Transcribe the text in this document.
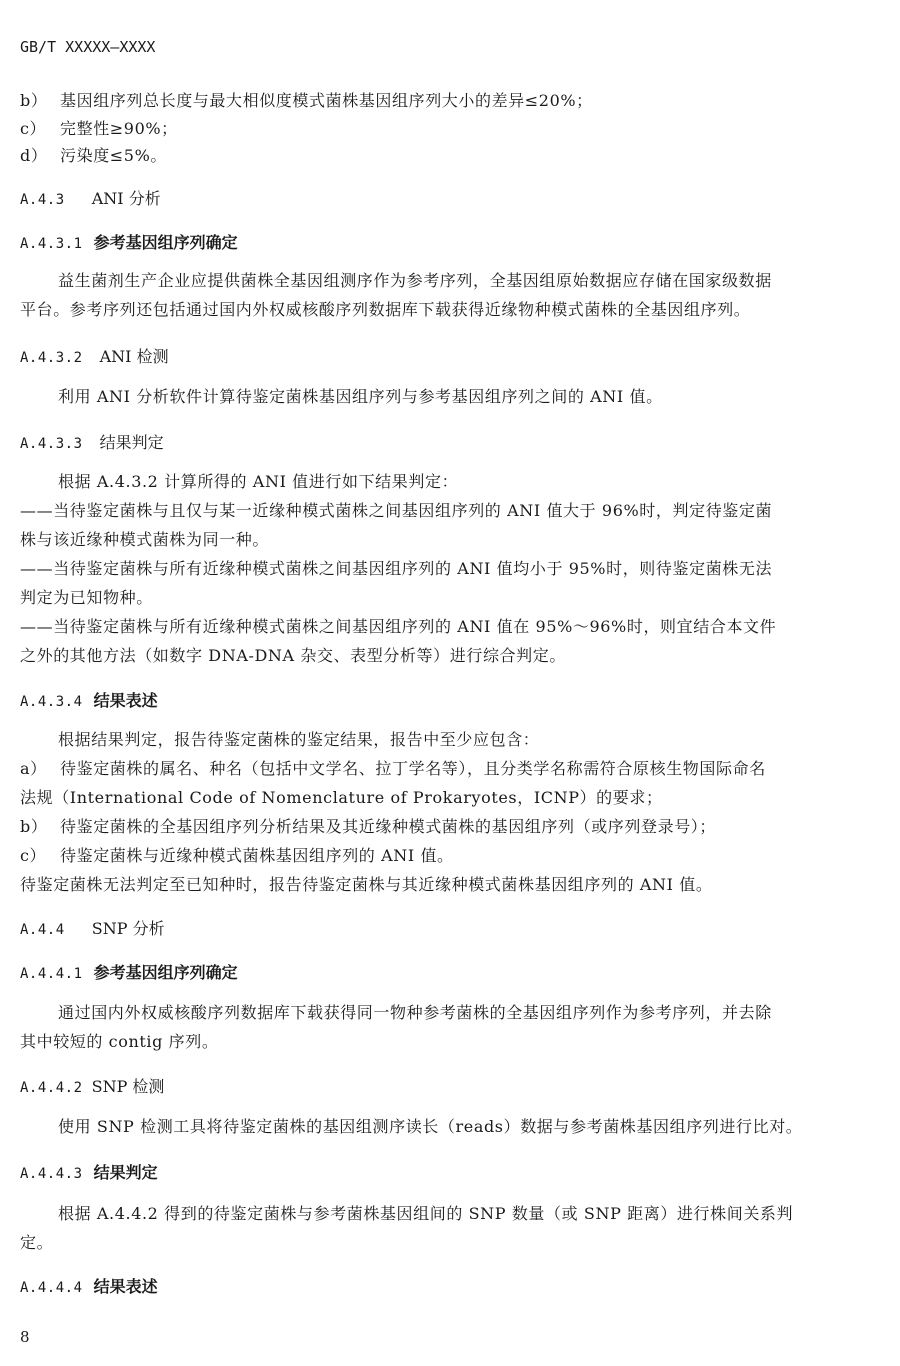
GB/T XXXXX—XXXX
b） 基因组序列总长度与最大相似度模式菌株基因组序列大小的差异≤20%；
c） 完整性≥90%；
d） 污染度≤5%。
A.4.3 ANI 分析
A.4.3.1 参考基因组序列确定
益生菌剂生产企业应提供菌株全基因组测序作为参考序列，全基因组原始数据应存储在国家级数据
平台。参考序列还包括通过国内外权威核酸序列数据库下载获得近缘物种模式菌株的全基因组序列。
A.4.3.2 ANI 检测
利用 ANI 分析软件计算待鉴定菌株基因组序列与参考基因组序列之间的 ANI 值。
A.4.3.3 结果判定
根据 A.4.3.2 计算所得的 ANI 值进行如下结果判定：
——当待鉴定菌株与且仅与某一近缘种模式菌株之间基因组序列的 ANI 值大于 96%时，判定待鉴定菌
株与该近缘种模式菌株为同一种。
——当待鉴定菌株与所有近缘种模式菌株之间基因组序列的 ANI 值均小于 95%时，则待鉴定菌株无法
判定为已知物种。
——当待鉴定菌株与所有近缘种模式菌株之间基因组序列的 ANI 值在 95%～96%时，则宜结合本文件
之外的其他方法（如数字 DNA-DNA 杂交、表型分析等）进行综合判定。
A.4.3.4 结果表述
根据结果判定，报告待鉴定菌株的鉴定结果，报告中至少应包含：
a） 待鉴定菌株的属名、种名（包括中文学名、拉丁学名等），且分类学名称需符合原核生物国际命名
法规（International Code of Nomenclature of Prokaryotes，ICNP）的要求；
b） 待鉴定菌株的全基因组序列分析结果及其近缘种模式菌株的基因组序列（或序列登录号）；
c） 待鉴定菌株与近缘种模式菌株基因组序列的 ANI 值。
待鉴定菌株无法判定至已知种时，报告待鉴定菌株与其近缘种模式菌株基因组序列的 ANI 值。
A.4.4 SNP 分析
A.4.4.1 参考基因组序列确定
通过国内外权威核酸序列数据库下载获得同一物种参考菌株的全基因组序列作为参考序列，并去除
其中较短的 contig 序列。
A.4.4.2 SNP 检测
使用 SNP 检测工具将待鉴定菌株的基因组测序读长（reads）数据与参考菌株基因组序列进行比对。
A.4.4.3 结果判定
根据 A.4.4.2 得到的待鉴定菌株与参考菌株基因组间的 SNP 数量（或 SNP 距离）进行株间关系判
定。
A.4.4.4 结果表述
8
